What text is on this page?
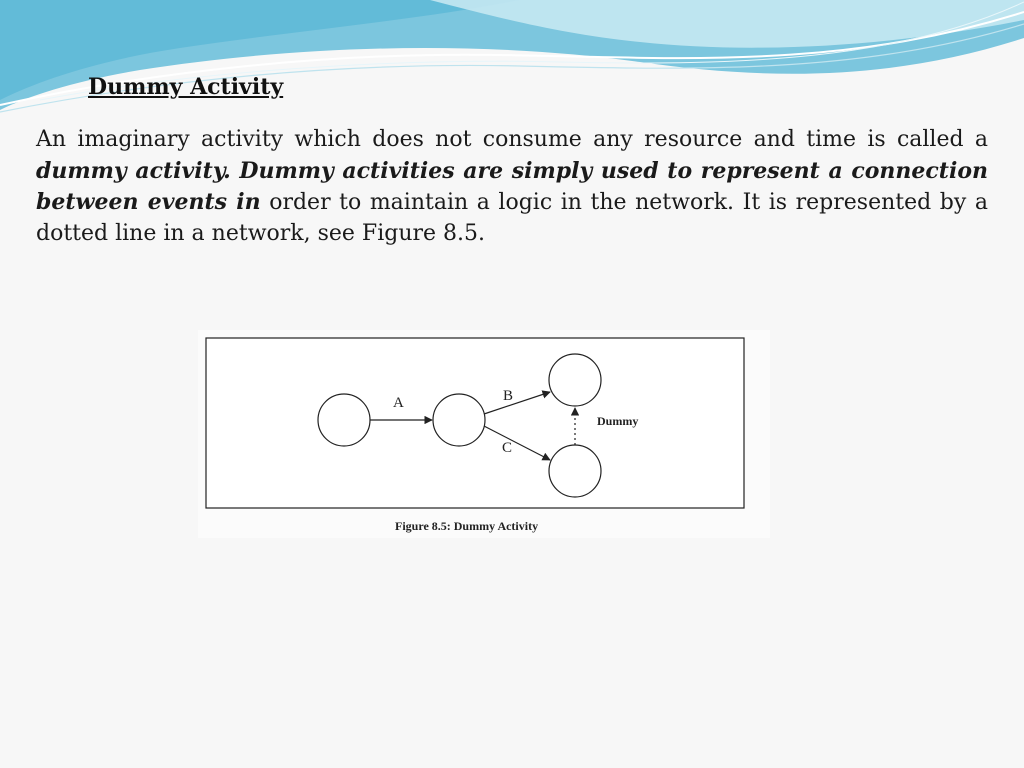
Dummy Activity

An imaginary activity which does not consume any resource and time is called a dummy activity. Dummy activities are simply used to represent a connection between events in order to maintain a logic in the network. It is represented by a dotted line in a network, see Figure 8.5.

A	B
C
Dummy
Figure 8.5: Dummy Activity
